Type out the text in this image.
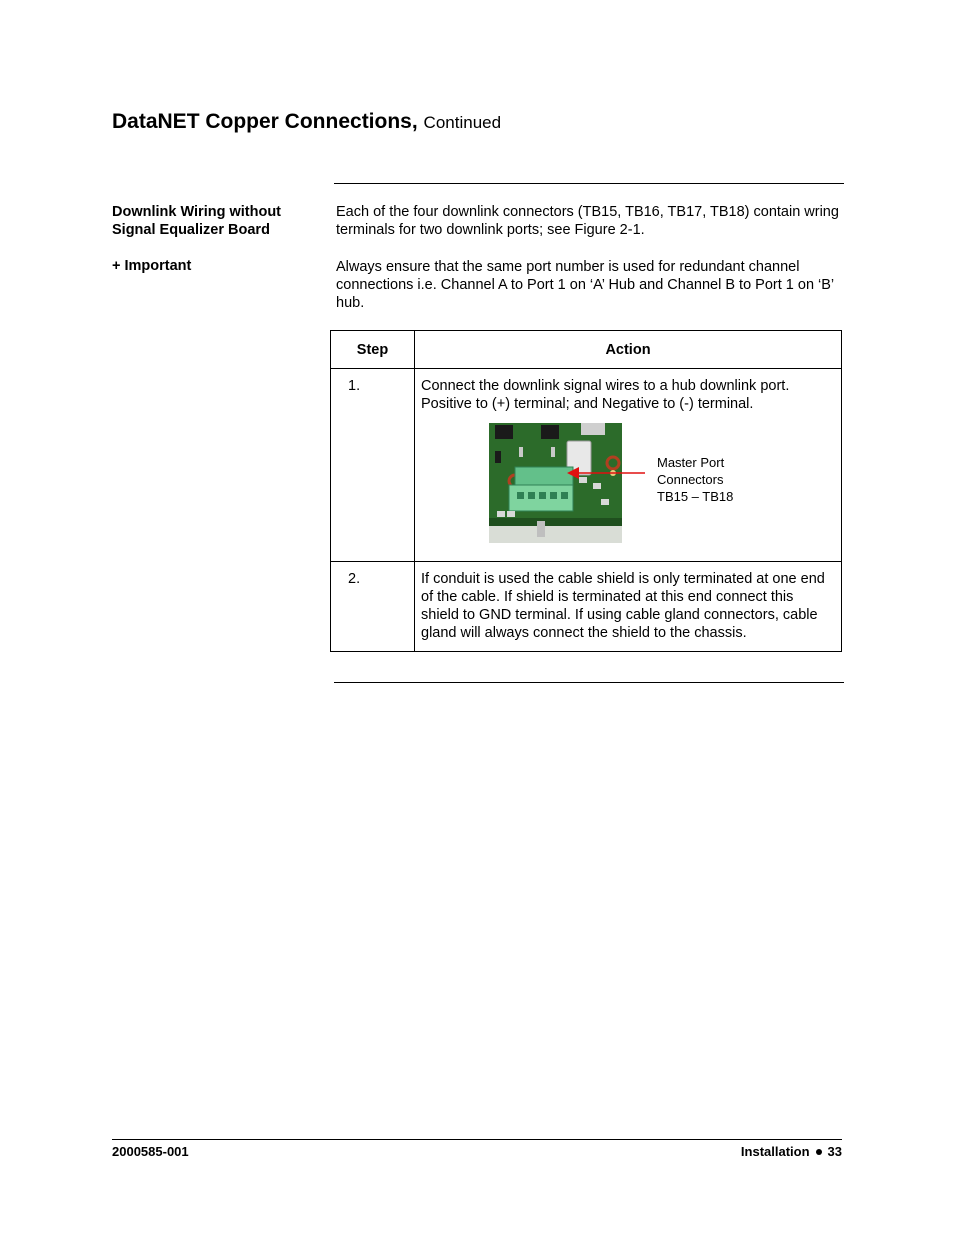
DataNET Copper Connections, Continued
Downlink Wiring without
Signal Equalizer Board
Each of the four downlink connectors (TB15, TB16, TB17, TB18) contain wring terminals for two downlink ports; see Figure 2-1.
+ Important	Always ensure that the same port number is used for redundant channel connections i.e. Channel A to Port 1 on ‘A’ Hub and Channel B to Port 1 on ‘B’ hub.
Step	Action

1.	Connect the downlink signal wires to a hub downlink port. Positive to (+) terminal; and Negative to (-) terminal.
Master Port
Connectors
TB15 – TB18

2.	If conduit is used the cable shield is only terminated at one end of the cable. If shield is terminated at this end connect this shield to GND terminal. If using cable gland connectors, cable gland will always connect the shield to the chassis.
2000585-001	Installation 33
